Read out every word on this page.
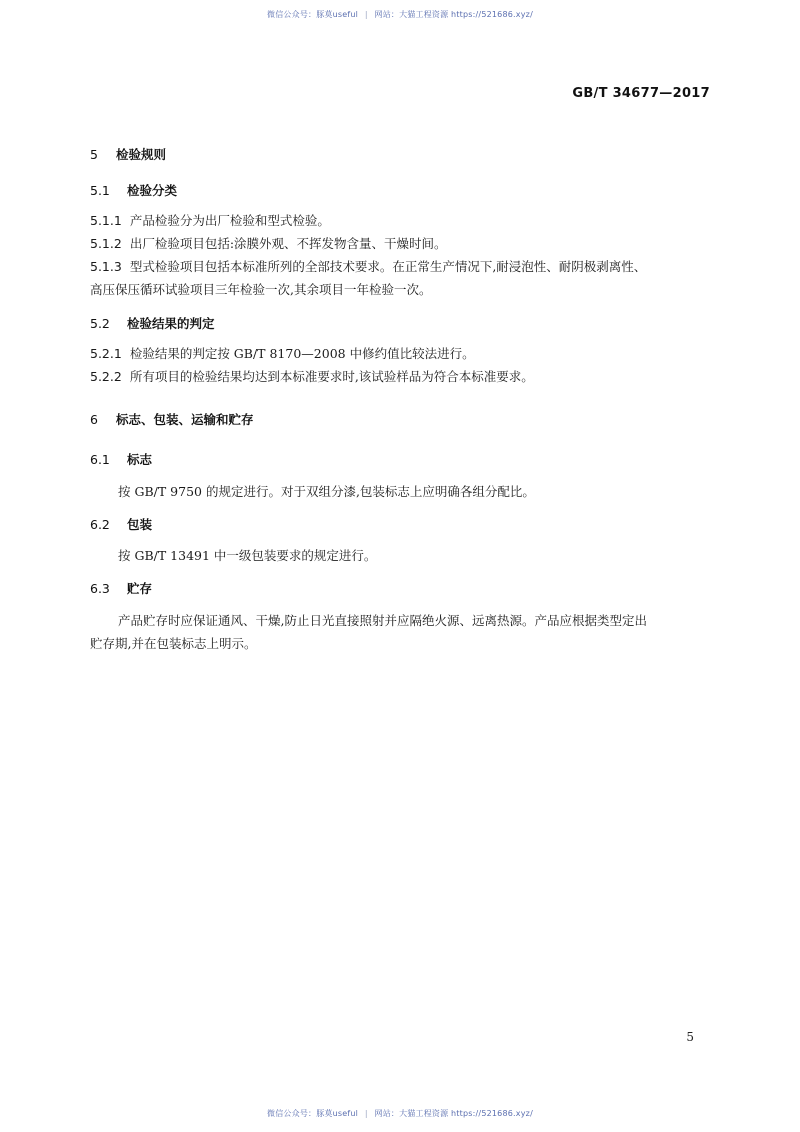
微信公众号：豚莫useful | 网站：大猫工程资源 https://521686.xyz/
GB/T 34677—2017
5 检验规则
5.1 检验分类
5.1.1 产品检验分为出厂检验和型式检验。
5.1.2 出厂检验项目包括:涂膜外观、不挥发物含量、干燥时间。
5.1.3 型式检验项目包括本标准所列的全部技术要求。在正常生产情况下,耐浸泡性、耐阴极剥离性、
高压保压循环试验项目三年检验一次,其余项目一年检验一次。
5.2 检验结果的判定
5.2.1 检验结果的判定按 GB/T 8170—2008 中修约值比较法进行。
5.2.2 所有项目的检验结果均达到本标准要求时,该试验样品为符合本标准要求。
6 标志、包装、运输和贮存
6.1 标志
按 GB/T 9750 的规定进行。对于双组分漆,包装标志上应明确各组分配比。
6.2 包装
按 GB/T 13491 中一级包装要求的规定进行。
6.3 贮存
产品贮存时应保证通风、干燥,防止日光直接照射并应隔绝火源、远离热源。产品应根据类型定出
贮存期,并在包装标志上明示。
5
微信公众号：豚莫useful | 网站：大猫工程资源 https://521686.xyz/
